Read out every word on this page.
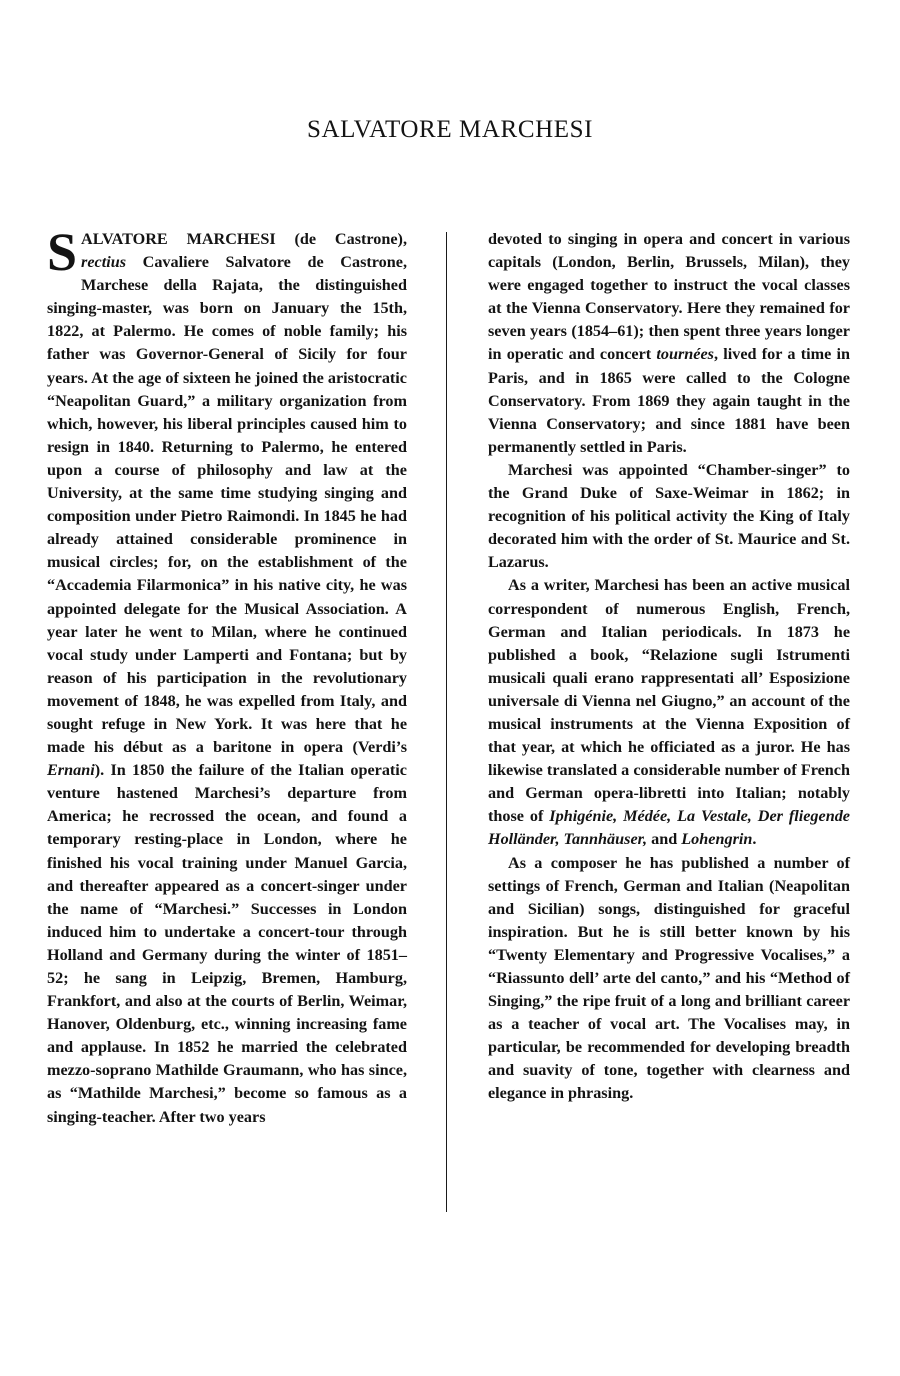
SALVATORE MARCHESI

SALVATORE MARCHESI (de Castrone), rectius Cavaliere Salvatore de Castrone, Marchese della Rajata, the distinguished singing-master, was born on January the 15th, 1822, at Palermo. He comes of noble family; his father was Governor-General of Sicily for four years. At the age of sixteen he joined the aristocratic “Neapolitan Guard,” a military organization from which, however, his liberal principles caused him to resign in 1840. Returning to Palermo, he entered upon a course of philosophy and law at the University, at the same time studying singing and composition under Pietro Raimondi. In 1845 he had already attained considerable prominence in musical circles; for, on the establishment of the “Accademia Filarmonica” in his native city, he was appointed delegate for the Musical Association. A year later he went to Milan, where he continued vocal study under Lamperti and Fontana; but by reason of his participation in the revolutionary movement of 1848, he was expelled from Italy, and sought refuge in New York. It was here that he made his début as a baritone in opera (Verdi’s Ernani). In 1850 the failure of the Italian operatic venture hastened Marchesi’s departure from America; he recrossed the ocean, and found a temporary resting-place in London, where he finished his vocal training under Manuel Garcia, and thereafter appeared as a concert-singer under the name of “Marchesi.” Successes in London induced him to undertake a concert-tour through Holland and Germany during the winter of 1851–52; he sang in Leipzig, Bremen, Hamburg, Frankfort, and also at the courts of Berlin, Weimar, Hanover, Oldenburg, etc., winning increasing fame and applause. In 1852 he married the celebrated mezzo-soprano Mathilde Graumann, who has since, as “Mathilde Marchesi,” become so famous as a singing-teacher. After two years

devoted to singing in opera and concert in various capitals (London, Berlin, Brussels, Milan), they were engaged together to instruct the vocal classes at the Vienna Conservatory. Here they remained for seven years (1854–61); then spent three years longer in operatic and concert tournées, lived for a time in Paris, and in 1865 were called to the Cologne Conservatory. From 1869 they again taught in the Vienna Conservatory; and since 1881 have been permanently settled in Paris.

Marchesi was appointed “Chamber-singer” to the Grand Duke of Saxe-Weimar in 1862; in recognition of his political activity the King of Italy decorated him with the order of St. Maurice and St. Lazarus.

As a writer, Marchesi has been an active musical correspondent of numerous English, French, German and Italian periodicals. In 1873 he published a book, “Relazione sugli Istrumenti musicali quali erano rappresentati all’ Esposizione universale di Vienna nel Giugno,” an account of the musical instruments at the Vienna Exposition of that year, at which he officiated as a juror. He has likewise translated a considerable number of French and German opera-libretti into Italian; notably those of Iphigénie, Médée, La Vestale, Der fliegende Holländer, Tannhäuser, and Lohengrin.

As a composer he has published a number of settings of French, German and Italian (Neapolitan and Sicilian) songs, distinguished for graceful inspiration. But he is still better known by his “Twenty Elementary and Progressive Vocalises,” a “Riassunto dell’ arte del canto,” and his “Method of Singing,” the ripe fruit of a long and brilliant career as a teacher of vocal art. The Vocalises may, in particular, be recommended for developing breadth and suavity of tone, together with clearness and elegance in phrasing.
